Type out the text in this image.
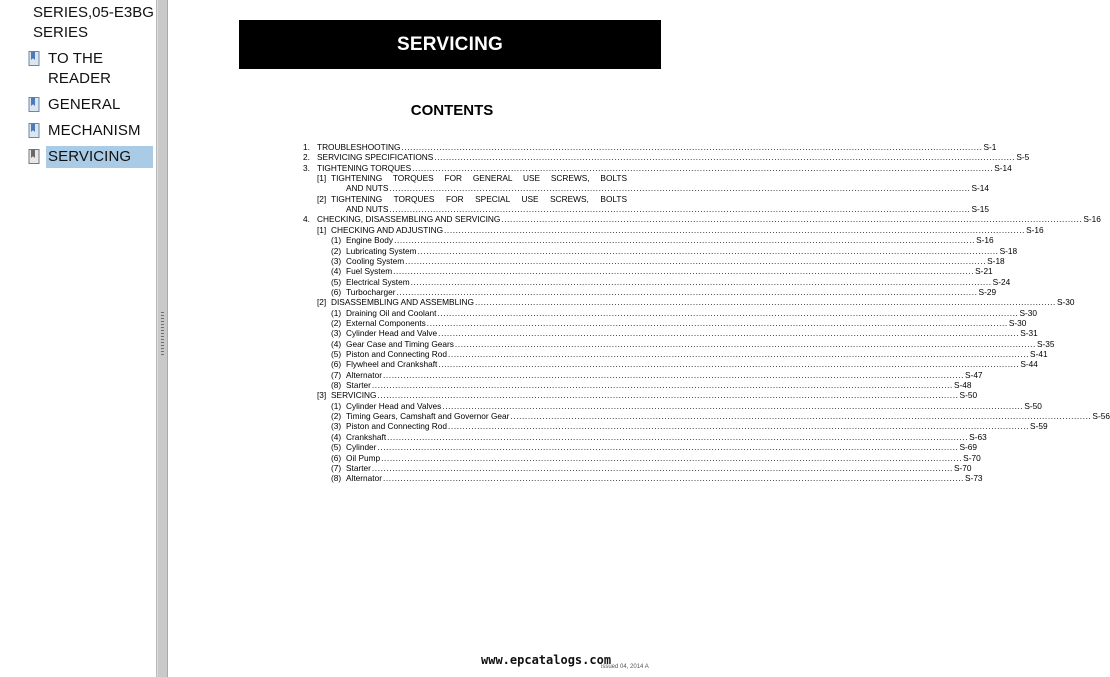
SERIES,05-E3BG SERIES
TO THE READER
GENERAL
MECHANISM
SERVICING
SERVICING
CONTENTS
1. TROUBLESHOOTING ........................................................................................................................................................................................................ S-1
2. SERVICING SPECIFICATIONS ........................................................................................................................................................................................................ S-5
3. TIGHTENING TORQUES ........................................................................................................................................................................................................ S-14
[1] TIGHTENING TORQUES FOR GENERAL USE SCREWS, BOLTS
AND NUTS ........................................................................................................................................................................................................ S-14
[2] TIGHTENING TORQUES FOR SPECIAL USE SCREWS, BOLTS
AND NUTS ........................................................................................................................................................................................................ S-15
4. CHECKING, DISASSEMBLING AND SERVICING ........................................................................................................................................................................................................ S-16
[1] CHECKING AND ADJUSTING ........................................................................................................................................................................................................ S-16
(1) Engine Body ........................................................................................................................................................................................................ S-16
(2) Lubricating System ........................................................................................................................................................................................................ S-18
(3) Cooling System ........................................................................................................................................................................................................ S-18
(4) Fuel System ........................................................................................................................................................................................................ S-21
(5) Electrical System ........................................................................................................................................................................................................ S-24
(6) Turbocharger ........................................................................................................................................................................................................ S-29
[2] DISASSEMBLING AND ASSEMBLING ........................................................................................................................................................................................................ S-30
(1) Draining Oil and Coolant ........................................................................................................................................................................................................ S-30
(2) External Components ........................................................................................................................................................................................................ S-30
(3) Cylinder Head and Valve ........................................................................................................................................................................................................ S-31
(4) Gear Case and Timing Gears ........................................................................................................................................................................................................ S-35
(5) Piston and Connecting Rod ........................................................................................................................................................................................................ S-41
(6) Flywheel and Crankshaft ........................................................................................................................................................................................................ S-44
(7) Alternator ........................................................................................................................................................................................................ S-47
(8) Starter ........................................................................................................................................................................................................ S-48
[3] SERVICING ........................................................................................................................................................................................................ S-50
(1) Cylinder Head and Valves ........................................................................................................................................................................................................ S-50
(2) Timing Gears, Camshaft and Governor Gear ........................................................................................................................................................................................................ S-56
(3) Piston and Connecting Rod ........................................................................................................................................................................................................ S-59
(4) Crankshaft ........................................................................................................................................................................................................ S-63
(5) Cylinder ........................................................................................................................................................................................................ S-69
(6) Oil Pump ........................................................................................................................................................................................................ S-70
(7) Starter ........................................................................................................................................................................................................ S-70
(8) Alternator ........................................................................................................................................................................................................ S-73
www.epcatalogs.com
issued 04, 2014 A
